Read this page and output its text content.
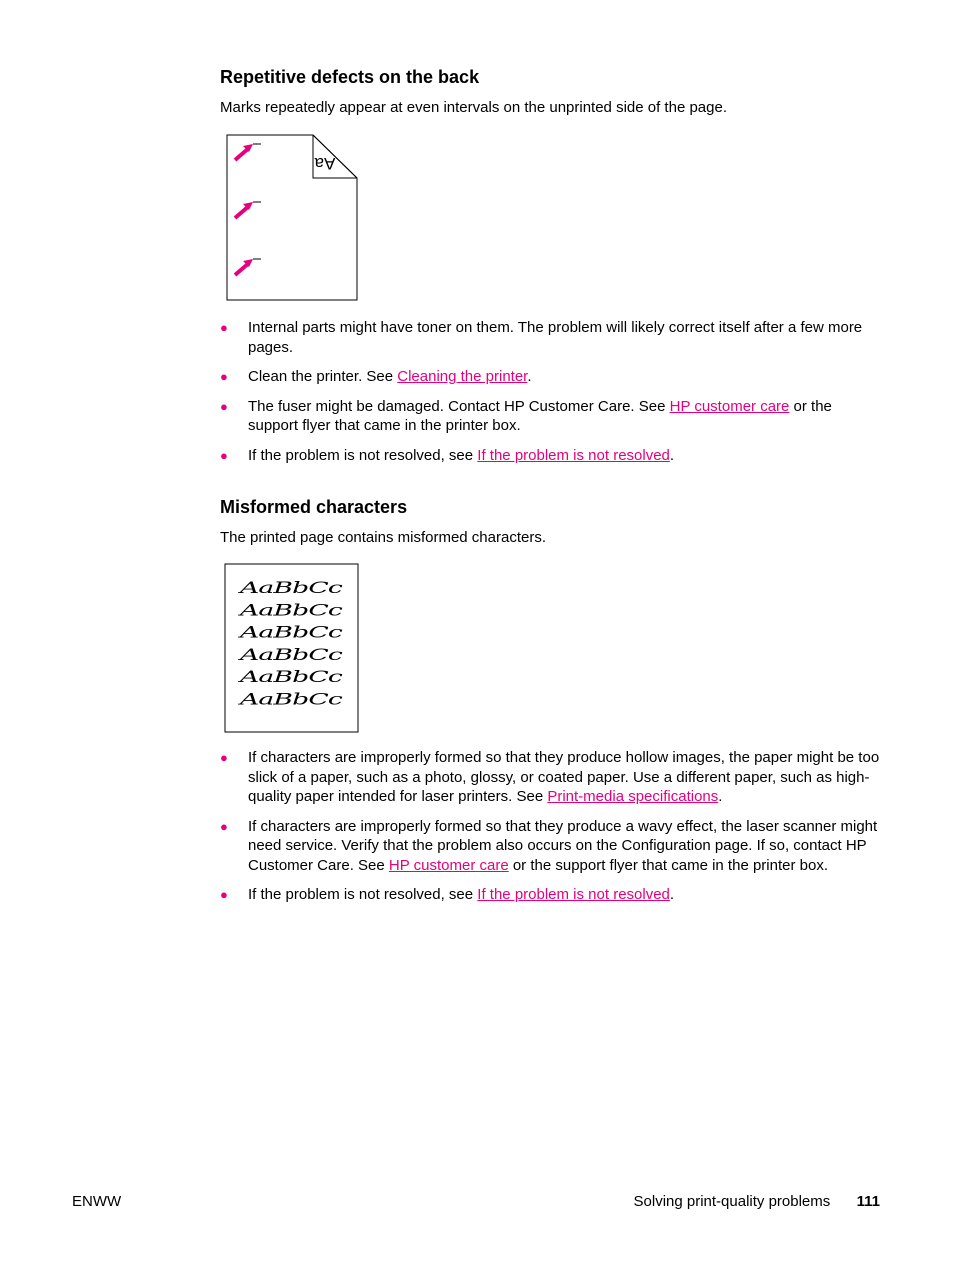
Repetitive defects on the back

Marks repeatedly appear at even intervals on the unprinted side of the page.

Aa
● Internal parts might have toner on them. The problem will likely correct itself after a few more pages.
● Clean the printer. See Cleaning the printer.
● The fuser might be damaged. Contact HP Customer Care. See HP customer care or the support flyer that came in the printer box.
● If the problem is not resolved, see If the problem is not resolved.
Misformed characters

The printed page contains misformed characters.

AaBbCc
AaBbCc
AaBbCc
AaBbCc
AaBbCc
AaBbCc
● If characters are improperly formed so that they produce hollow images, the paper might be too slick of a paper, such as a photo, glossy, or coated paper. Use a different paper, such as high-quality paper intended for laser printers. See Print-media specifications.
● If characters are improperly formed so that they produce a wavy effect, the laser scanner might need service. Verify that the problem also occurs on the Configuration page. If so, contact HP Customer Care. See HP customer care or the support flyer that came in the printer box.
● If the problem is not resolved, see If the problem is not resolved.
ENWW	Solving print-quality problems 111
